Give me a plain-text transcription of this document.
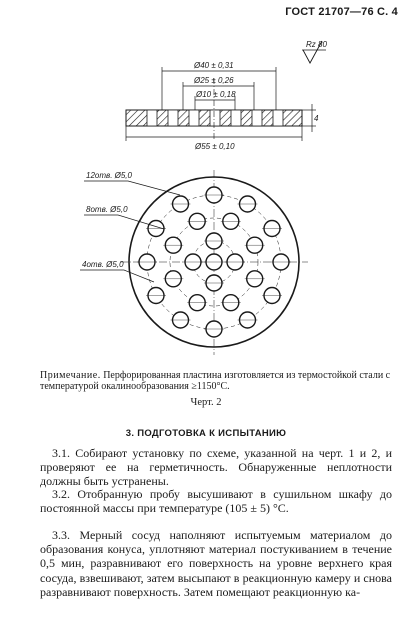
ГОСТ 21707—76 С. 4
Ø40 ± 0,31
Ø25 ± 0,26
Ø10 ± 0,18
Ø55 ± 0,10
4
Rz 80
12отв. Ø5,0
8отв. Ø5,0
4отв. Ø5,0
Примечание. Перфорированная пластина изготовляется из термостойкой стали с температурой окалинообразования ≥1150°С.
Черт. 2
3. ПОДГОТОВКА К ИСПЫТАНИЮ

3.1. Собирают установку по схеме, указанной на черт. 1 и 2, и проверяют ее на герметичность. Обнаруженные неплотности должны быть устранены.

3.2. Отобранную пробу высушивают в сушильном шкафу до постоянной массы при температуре (105 ± 5) °С.

3.3. Мерный сосуд наполняют испытуемым материалом до образования конуса, уплотняют материал постукиванием в течение 0,5 мин, разравнивают его поверхность на уровне верхнего края сосуда, взвешивают, затем высыпают в реакционную камеру и снова разравнивают поверхность. Затем помещают реакционную ка-
